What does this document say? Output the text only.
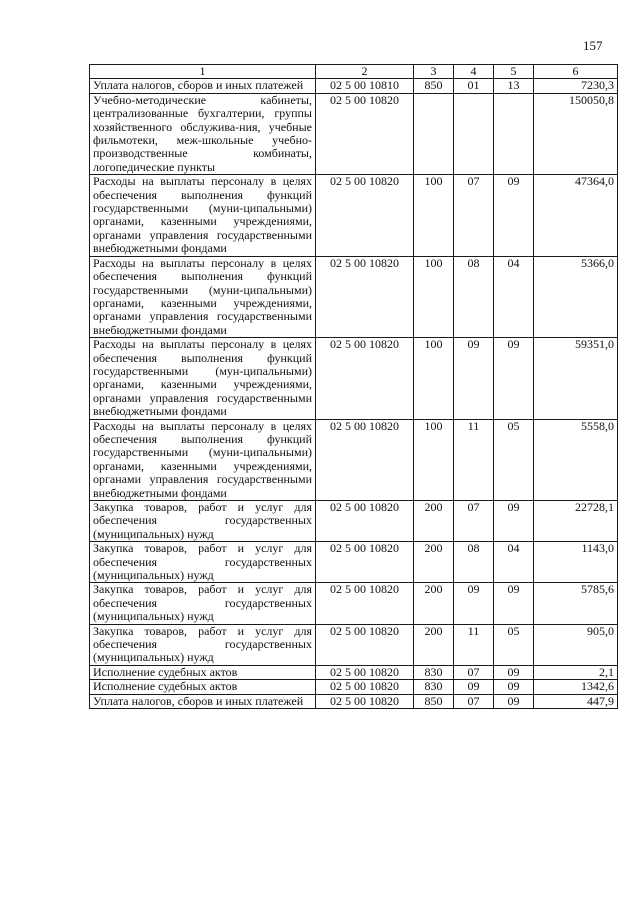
157
1	2	3	4	5	6
Уплата налогов, сборов и иных платежей	02 5 00 10810	850	01	13	7230,3
Учебно-методические кабинеты, централизованные бухгалтерии, группы хозяйственного обслужива-ния, учебные фильмотеки, меж-школьные учебно-производственные комбинаты, логопедические пункты	02 5 00 10820				150050,8
Расходы на выплаты персоналу в целях обеспечения выполнения функций государственными (муни-ципальными) органами, казенными учреждениями, органами управления государственными внебюджетными фондами	02 5 00 10820	100	07	09	47364,0
Расходы на выплаты персоналу в целях обеспечения выполнения функций государственными (муни-ципальными) органами, казенными учреждениями, органами управления государственными внебюджетными фондами	02 5 00 10820	100	08	04	5366,0
Расходы на выплаты персоналу в целях обеспечения выполнения функций государственными (мун-ципальными) органами, казенными учреждениями, органами управления государственными внебюджетными фондами	02 5 00 10820	100	09	09	59351,0
Расходы на выплаты персоналу в целях обеспечения выполнения функций государственными (муни-ципальными) органами, казенными учреждениями, органами управления государственными внебюджетными фондами	02 5 00 10820	100	11	05	5558,0
Закупка товаров, работ и услуг для обеспечения государственных (муниципальных) нужд	02 5 00 10820	200	07	09	22728,1
Закупка товаров, работ и услуг для обеспечения государственных (муниципальных) нужд	02 5 00 10820	200	08	04	1143,0
Закупка товаров, работ и услуг для обеспечения государственных (муниципальных) нужд	02 5 00 10820	200	09	09	5785,6
Закупка товаров, работ и услуг для обеспечения государственных (муниципальных) нужд	02 5 00 10820	200	11	05	905,0
Исполнение судебных актов	02 5 00 10820	830	07	09	2,1
Исполнение судебных актов	02 5 00 10820	830	09	09	1342,6
Уплата налогов, сборов и иных платежей	02 5 00 10820	850	07	09	447,9
